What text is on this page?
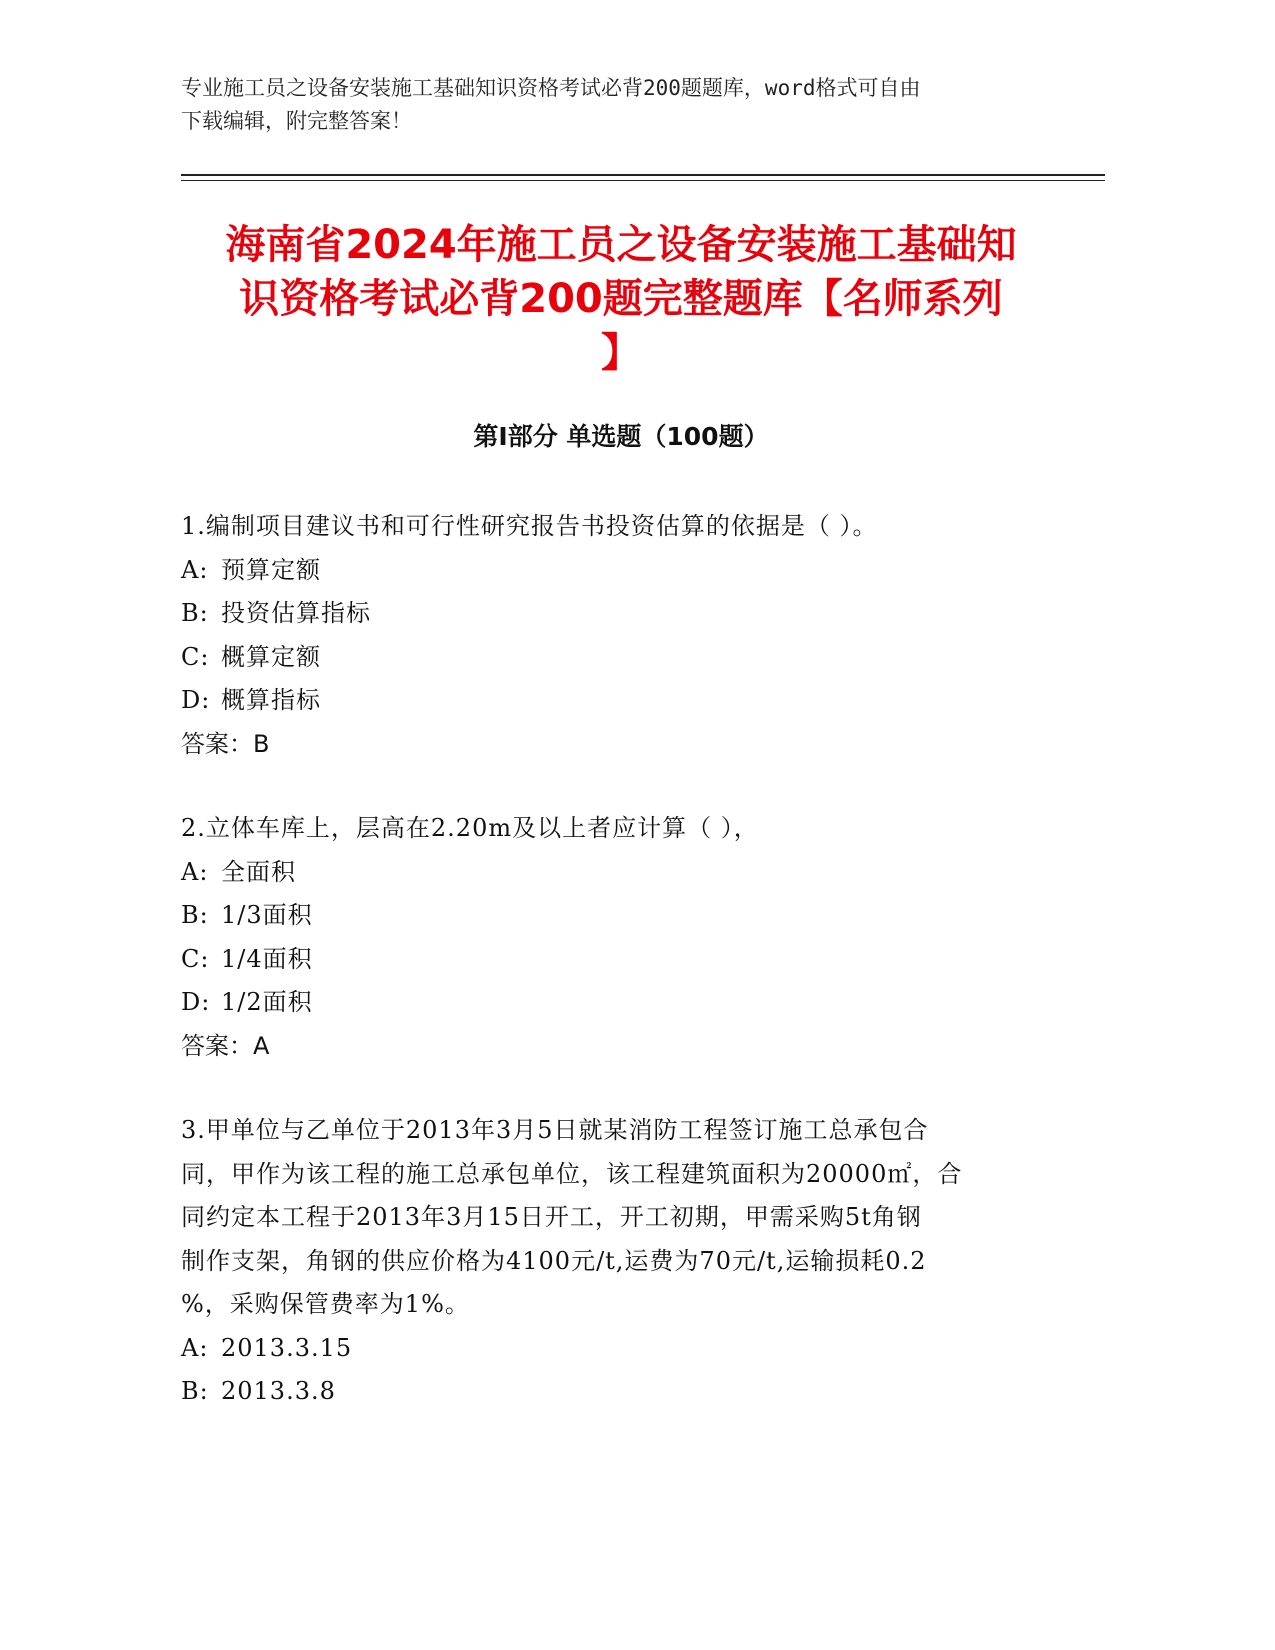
专业施工员之设备安装施工基础知识资格考试必背200题题库，word格式可自由
下载编辑，附完整答案！
海南省2024年施工员之设备安装施工基础知
识资格考试必背200题完整题库【名师系列
】
第Ⅰ部分 单选题（100题）
1.编制项目建议书和可行性研究报告书投资估算的依据是（ ）。
A: 预算定额
B: 投资估算指标
C: 概算定额
D: 概算指标
答案：B
2.立体车库上，层高在2.20m及以上者应计算（ ），
A: 全面积
B: 1/3面积
C: 1/4面积
D: 1/2面积
答案：A
3.甲单位与乙单位于2013年3月5日就某消防工程签订施工总承包合
同，甲作为该工程的施工总承包单位，该工程建筑面积为20000㎡，合
同约定本工程于2013年3月15日开工，开工初期，甲需采购5t角钢
制作支架，角钢的供应价格为4100元/t,运费为70元/t,运输损耗0.2
%，采购保管费率为1%。
A: 2013.3.15
B: 2013.3.8
